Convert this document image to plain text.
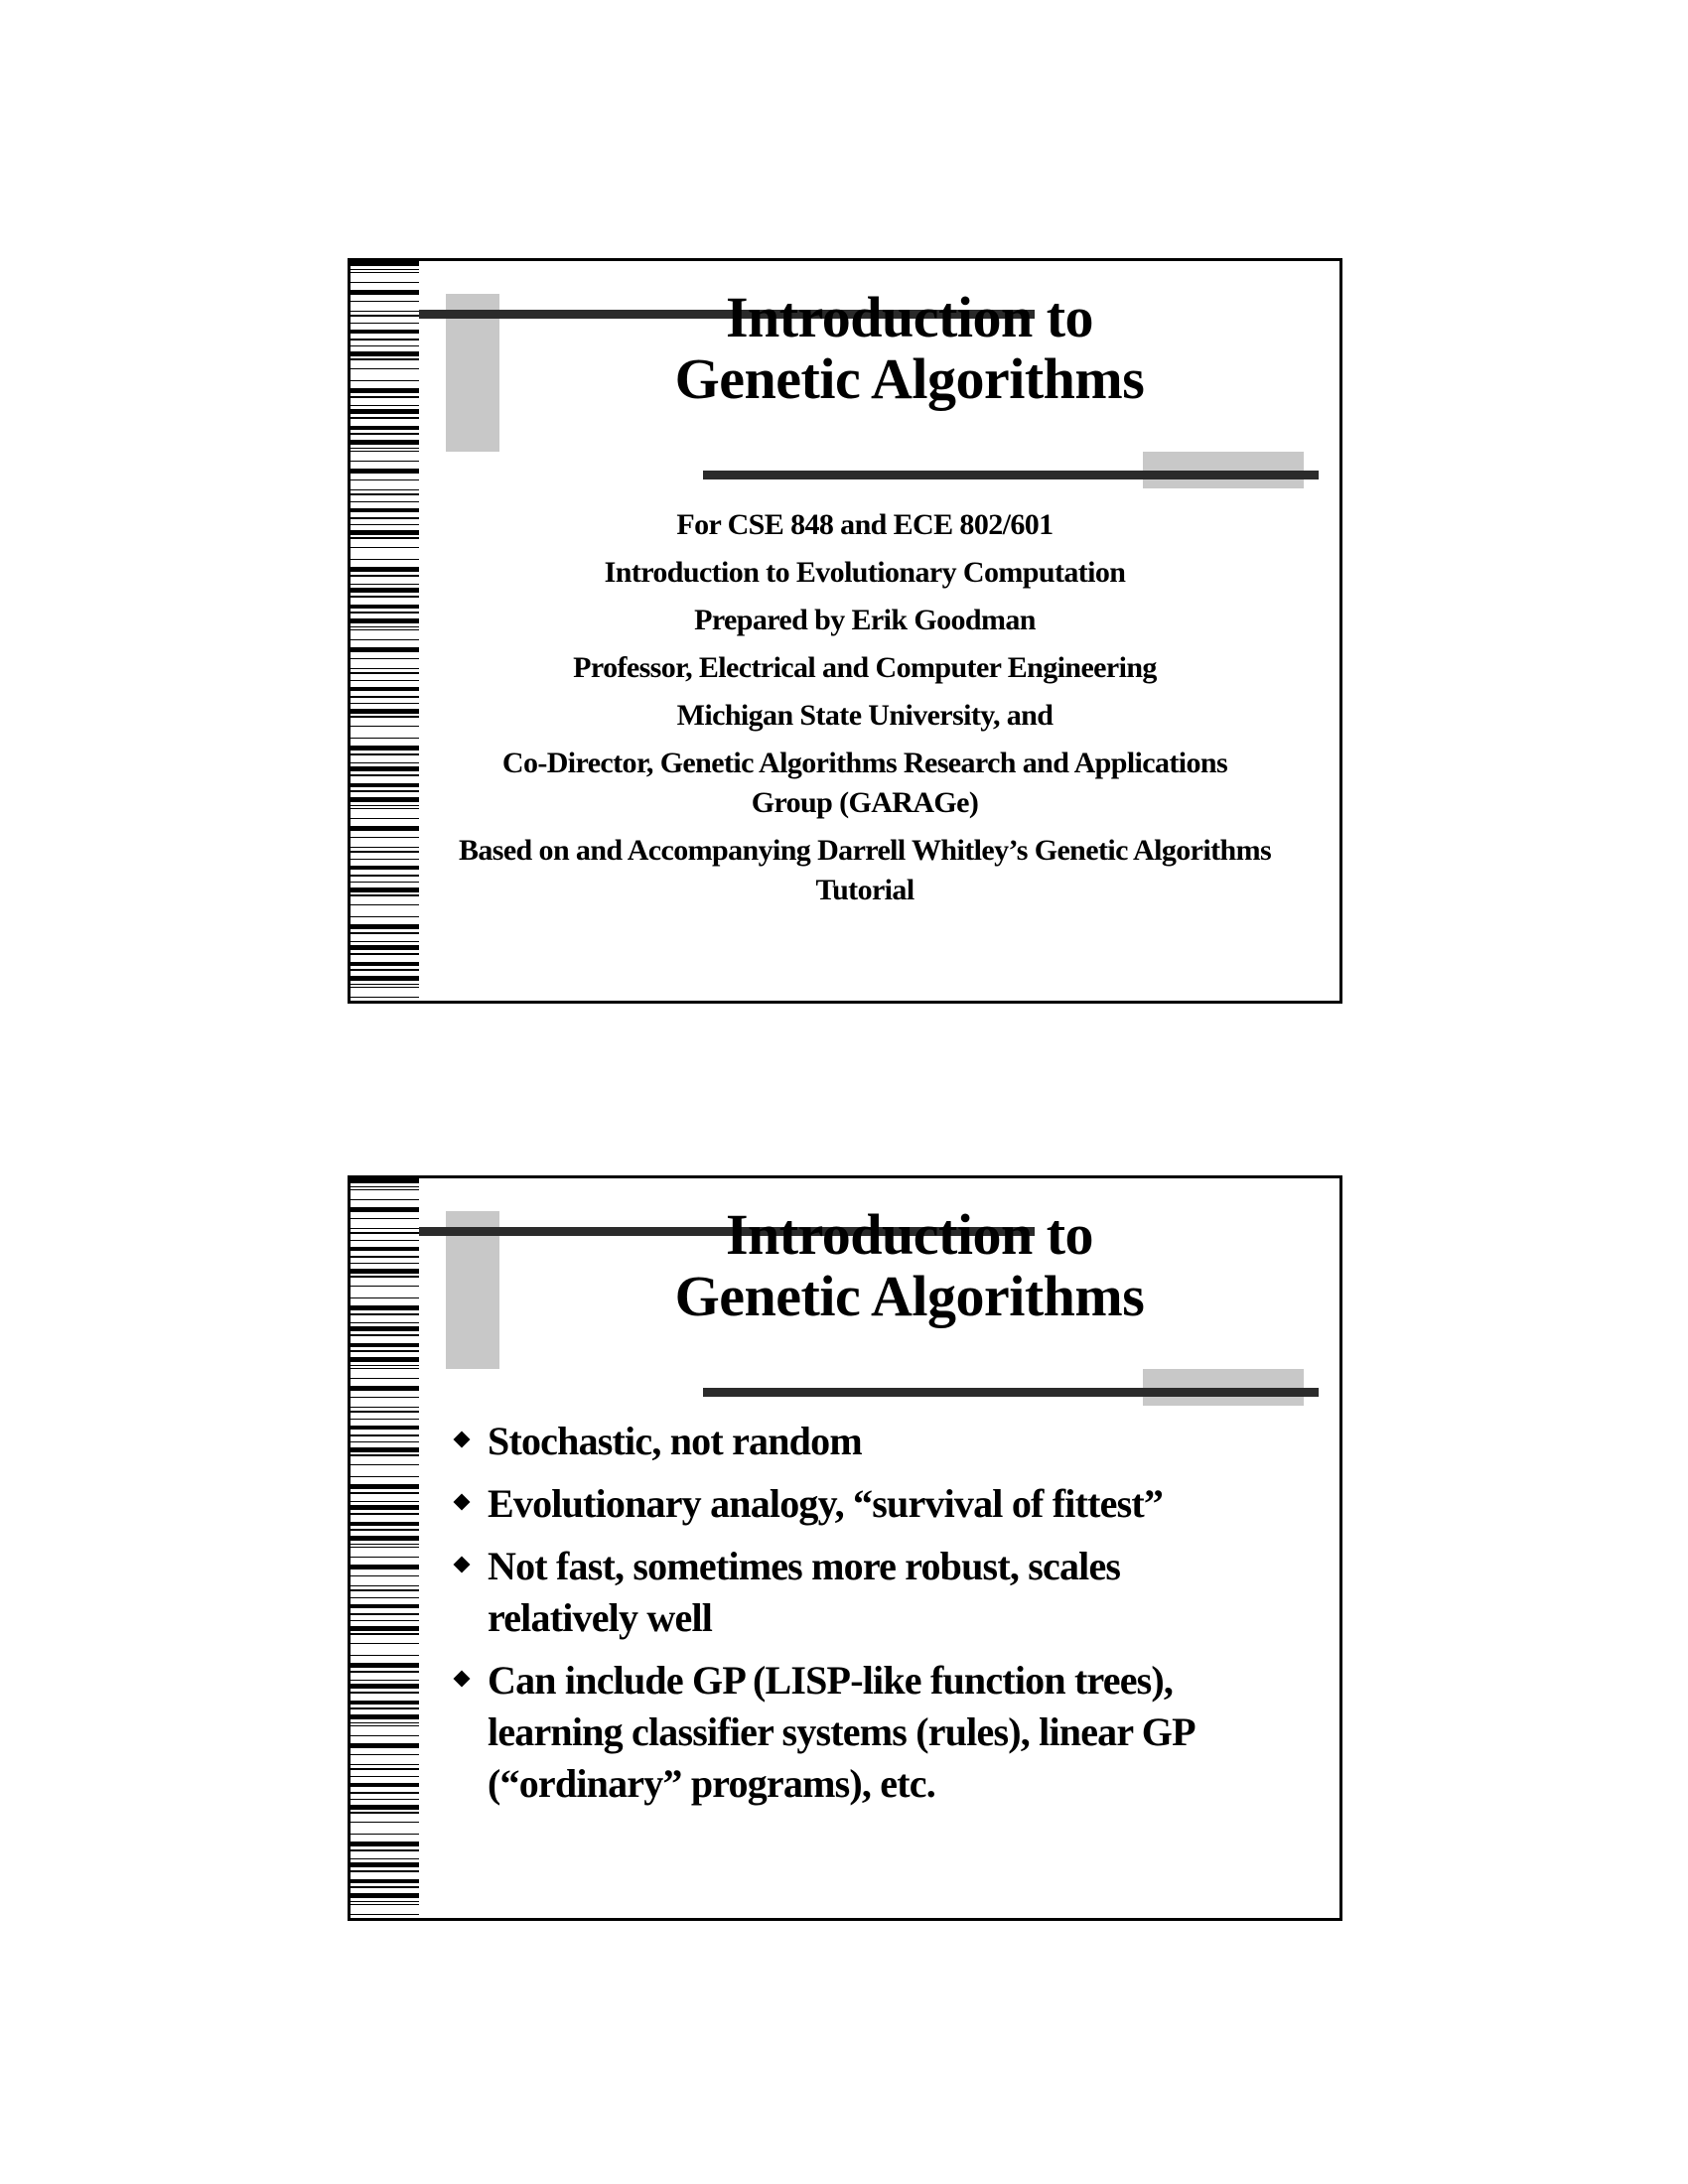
Introduction to
Genetic Algorithms

For CSE 848 and ECE 802/601

Introduction to Evolutionary Computation

Prepared by Erik Goodman

Professor, Electrical and Computer Engineering

Michigan State University, and

Co-Director, Genetic Algorithms Research and Applications Group (GARAGe)

Based on and Accompanying Darrell Whitley’s Genetic Algorithms Tutorial

Introduction to
Genetic Algorithms
Stochastic, not random
Evolutionary analogy, “survival of fittest”
Not fast, sometimes more robust, scales relatively well
Can include GP (LISP-like function trees), learning classifier systems (rules), linear GP (“ordinary” programs), etc.
